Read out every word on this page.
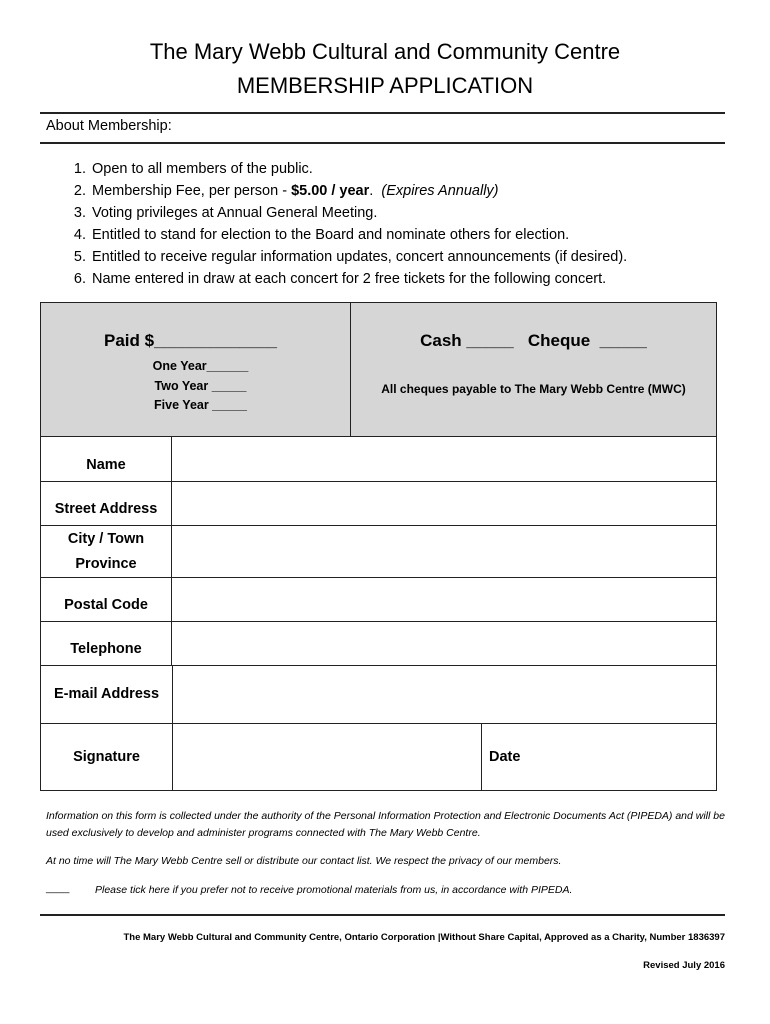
The Mary Webb Cultural and Community Centre
MEMBERSHIP APPLICATION
About Membership:
1. Open to all members of the public.
2. Membership Fee, per person - $5.00 / year.  (Expires Annually)
3. Voting privileges at Annual General Meeting.
4. Entitled to stand for election to the Board and nominate others for election.
5. Entitled to receive regular information updates, concert announcements (if desired).
6. Name entered in draw at each concert for 2 free tickets for the following concert.
Paid $_____________
One Year______
Two Year _____
Five Year _____
Cash _____   Cheque  _____
All cheques payable to The Mary Webb Centre (MWC)
Name
Street Address
City / Town
Province
Postal Code
Telephone
E-mail Address
Signature	Date
Information on this form is collected under the authority of the Personal Information Protection and Electronic Documents Act (PIPEDA) and will be used exclusively to develop and administer programs connected with The Mary Webb Centre.
At no time will The Mary Webb Centre sell or distribute our contact list. We respect the privacy of our members.
____ Please tick here if you prefer not to receive promotional materials from us, in accordance with PIPEDA.
The Mary Webb Cultural and Community Centre, Ontario Corporation |Without Share Capital, Approved as a Charity, Number 1836397
Revised July 2016
